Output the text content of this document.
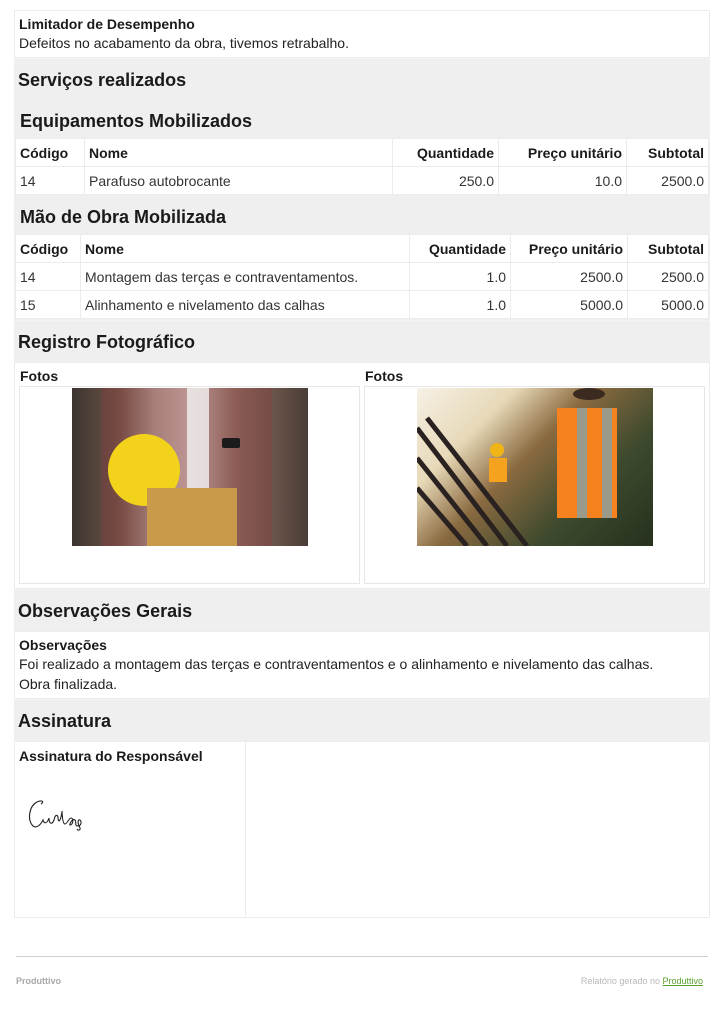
Limitador de Desempenho
Defeitos no acabamento da obra, tivemos retrabalho.
Serviços realizados
Equipamentos Mobilizados
Código	Nome	Quantidade	Preço unitário	Subtotal
14	Parafuso autobrocante	250.0	10.0	2500.0
Mão de Obra Mobilizada
Código	Nome	Quantidade	Preço unitário	Subtotal
14	Montagem das terças e contraventamentos.	1.0	2500.0	2500.0
15	Alinhamento e nivelamento das calhas	1.0	5000.0	5000.0
Registro Fotográfico
Fotos	Fotos
Observações Gerais
Observações
Foi realizado a montagem das terças e contraventamentos e o alinhamento e nivelamento das calhas.
Obra finalizada.
Assinatura
Assinatura do Responsável
Produttivo	Relatório gerado no Produttivo
